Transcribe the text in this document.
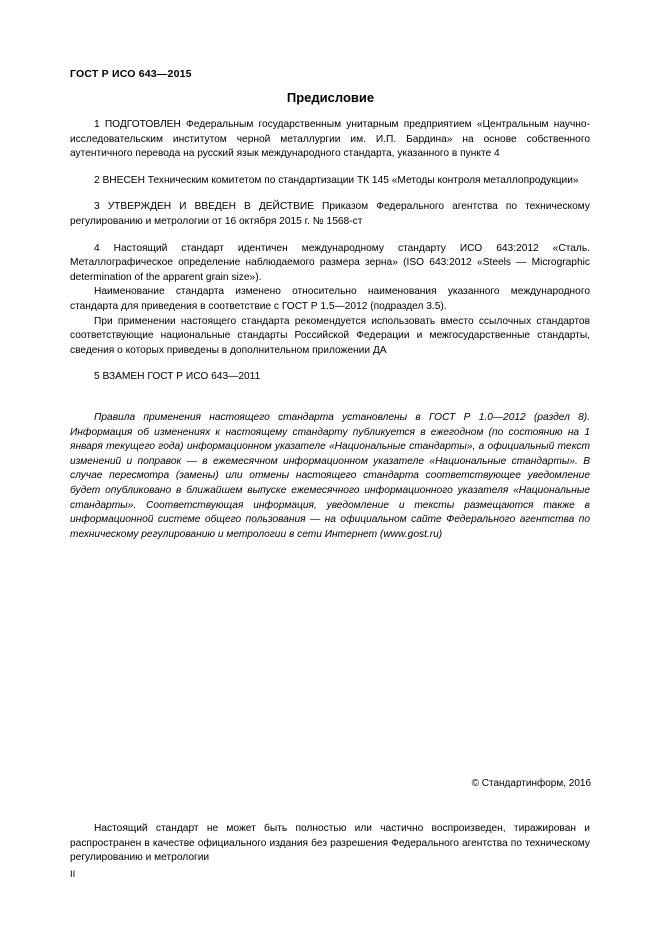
ГОСТ Р ИСО 643—2015
Предисловие

1 ПОДГОТОВЛЕН Федеральным государственным унитарным предприятием «Центральным научно-исследовательским институтом черной металлургии им. И.П. Бардина» на основе собственного аутентичного перевода на русский язык международного стандарта, указанного в пункте 4

2 ВНЕСЕН Техническим комитетом по стандартизации ТК 145 «Методы контроля металлопродукции»

3 УТВЕРЖДЕН И ВВЕДЕН В ДЕЙСТВИЕ Приказом Федерального агентства по техническому регулированию и метрологии от 16 октября 2015 г. № 1568-ст

4 Настоящий стандарт идентичен международному стандарту ИСО 643:2012 «Сталь. Металлографическое определение наблюдаемого размера зерна» (ISO 643:2012 «Steels — Micrographic determination of the apparent grain size»).

Наименование стандарта изменено относительно наименования указанного международного стандарта для приведения в соответствие с ГОСТ Р 1.5—2012 (подраздел 3.5).

При применении настоящего стандарта рекомендуется использовать вместо ссылочных стандартов соответствующие национальные стандарты Российской Федерации и межгосударственные стандарты, сведения о которых приведены в дополнительном приложении ДА

5 ВЗАМЕН ГОСТ Р ИСО 643—2011

Правила применения настоящего стандарта установлены в ГОСТ Р 1.0—2012 (раздел 8). Информация об изменениях к настоящему стандарту публикуется в ежегодном (по состоянию на 1 января текущего года) информационном указателе «Национальные стандарты», а официальный текст изменений и поправок — в ежемесячном информационном указателе «Национальные стандарты». В случае пересмотра (замены) или отмены настоящего стандарта соответствующее уведомление будет опубликовано в ближайшем выпуске ежемесячного информационного указателя «Национальные стандарты». Соответствующая информация, уведомление и тексты размещаются также в информационной системе общего пользования — на официальном сайте Федерального агентства по техническому регулированию и метрологии в сети Интернет (www.gost.ru)

© Стандартинформ, 2016

Настоящий стандарт не может быть полностью или частично воспроизведен, тиражирован и распространен в качестве официального издания без разрешения Федерального агентства по техническому регулированию и метрологии

II
